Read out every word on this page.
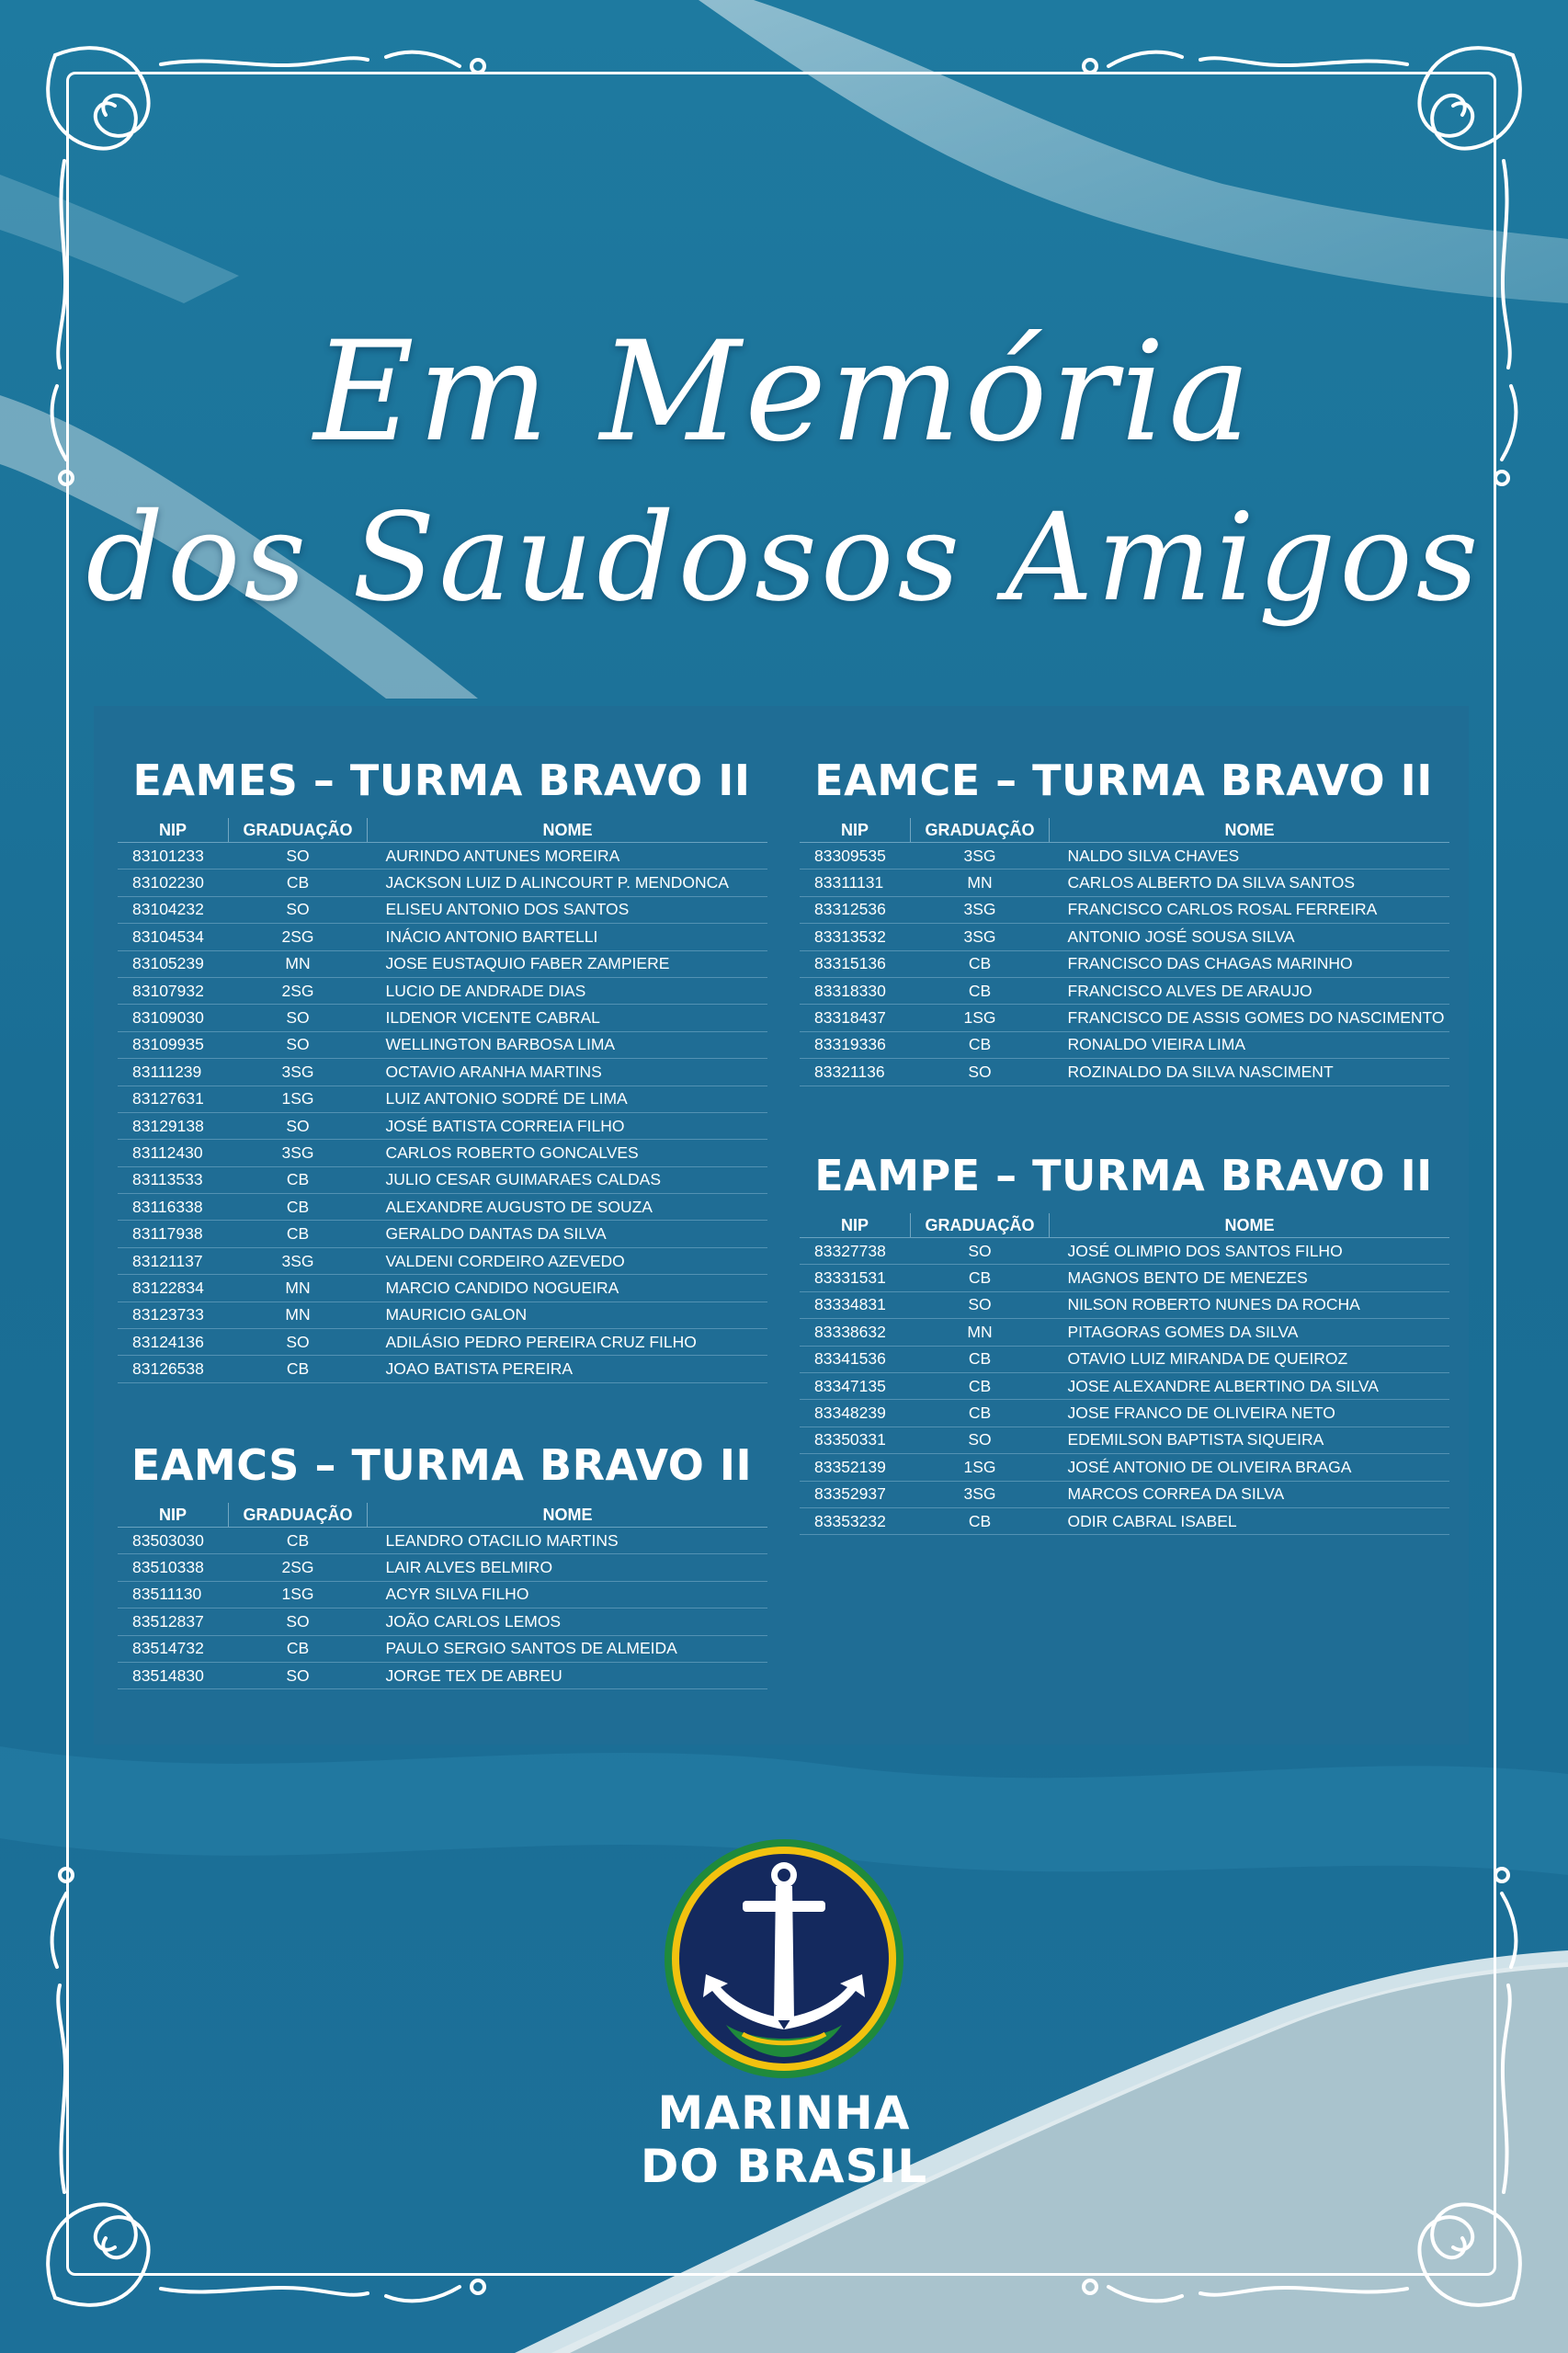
Em Memória
dos Saudosos Amigos
EAMES – TURMA BRAVO II
NIP	GRADUAÇÃO	NOME
83101233	SO	AURINDO ANTUNES MOREIRA
83102230	CB	JACKSON LUIZ D ALINCOURT P. MENDONCA
83104232	SO	ELISEU ANTONIO DOS SANTOS
83104534	2SG	INÁCIO ANTONIO BARTELLI
83105239	MN	JOSE EUSTAQUIO FABER ZAMPIERE
83107932	2SG	LUCIO DE ANDRADE DIAS
83109030	SO	ILDENOR VICENTE CABRAL
83109935	SO	WELLINGTON BARBOSA LIMA
83111239	3SG	OCTAVIO ARANHA MARTINS
83127631	1SG	LUIZ ANTONIO SODRÉ DE LIMA
83129138	SO	JOSÉ BATISTA CORREIA FILHO
83112430	3SG	CARLOS ROBERTO GONCALVES
83113533	CB	JULIO CESAR GUIMARAES CALDAS
83116338	CB	ALEXANDRE AUGUSTO DE SOUZA
83117938	CB	GERALDO DANTAS DA SILVA
83121137	3SG	VALDENI CORDEIRO AZEVEDO
83122834	MN	MARCIO CANDIDO NOGUEIRA
83123733	MN	MAURICIO GALON
83124136	SO	ADILÁSIO PEDRO PEREIRA CRUZ FILHO
83126538	CB	JOAO BATISTA PEREIRA
EAMCS – TURMA BRAVO II
NIP	GRADUAÇÃO	NOME
83503030	CB	LEANDRO OTACILIO MARTINS
83510338	2SG	LAIR ALVES BELMIRO
83511130	1SG	ACYR SILVA FILHO
83512837	SO	JOÃO CARLOS LEMOS
83514732	CB	PAULO SERGIO SANTOS DE ALMEIDA
83514830	SO	JORGE TEX DE ABREU
EAMCE – TURMA BRAVO II
NIP	GRADUAÇÃO	NOME
83309535	3SG	NALDO SILVA CHAVES
83311131	MN	CARLOS ALBERTO DA SILVA SANTOS
83312536	3SG	FRANCISCO CARLOS ROSAL FERREIRA
83313532	3SG	ANTONIO JOSÉ SOUSA SILVA
83315136	CB	FRANCISCO DAS CHAGAS MARINHO
83318330	CB	FRANCISCO ALVES DE ARAUJO
83318437	1SG	FRANCISCO DE ASSIS GOMES DO NASCIMENTO
83319336	CB	RONALDO VIEIRA LIMA
83321136	SO	ROZINALDO DA SILVA NASCIMENT
EAMPE – TURMA BRAVO II
NIP	GRADUAÇÃO	NOME
83327738	SO	JOSÉ OLIMPIO DOS SANTOS FILHO
83331531	CB	MAGNOS BENTO DE MENEZES
83334831	SO	NILSON ROBERTO NUNES DA ROCHA
83338632	MN	PITAGORAS GOMES DA SILVA
83341536	CB	OTAVIO LUIZ MIRANDA DE QUEIROZ
83347135	CB	JOSE ALEXANDRE ALBERTINO DA SILVA
83348239	CB	JOSE FRANCO DE OLIVEIRA NETO
83350331	SO	EDEMILSON BAPTISTA SIQUEIRA
83352139	1SG	JOSÉ ANTONIO DE OLIVEIRA BRAGA
83352937	3SG	MARCOS CORREA DA SILVA
83353232	CB	ODIR CABRAL ISABEL
MARINHA
DO BRASIL
